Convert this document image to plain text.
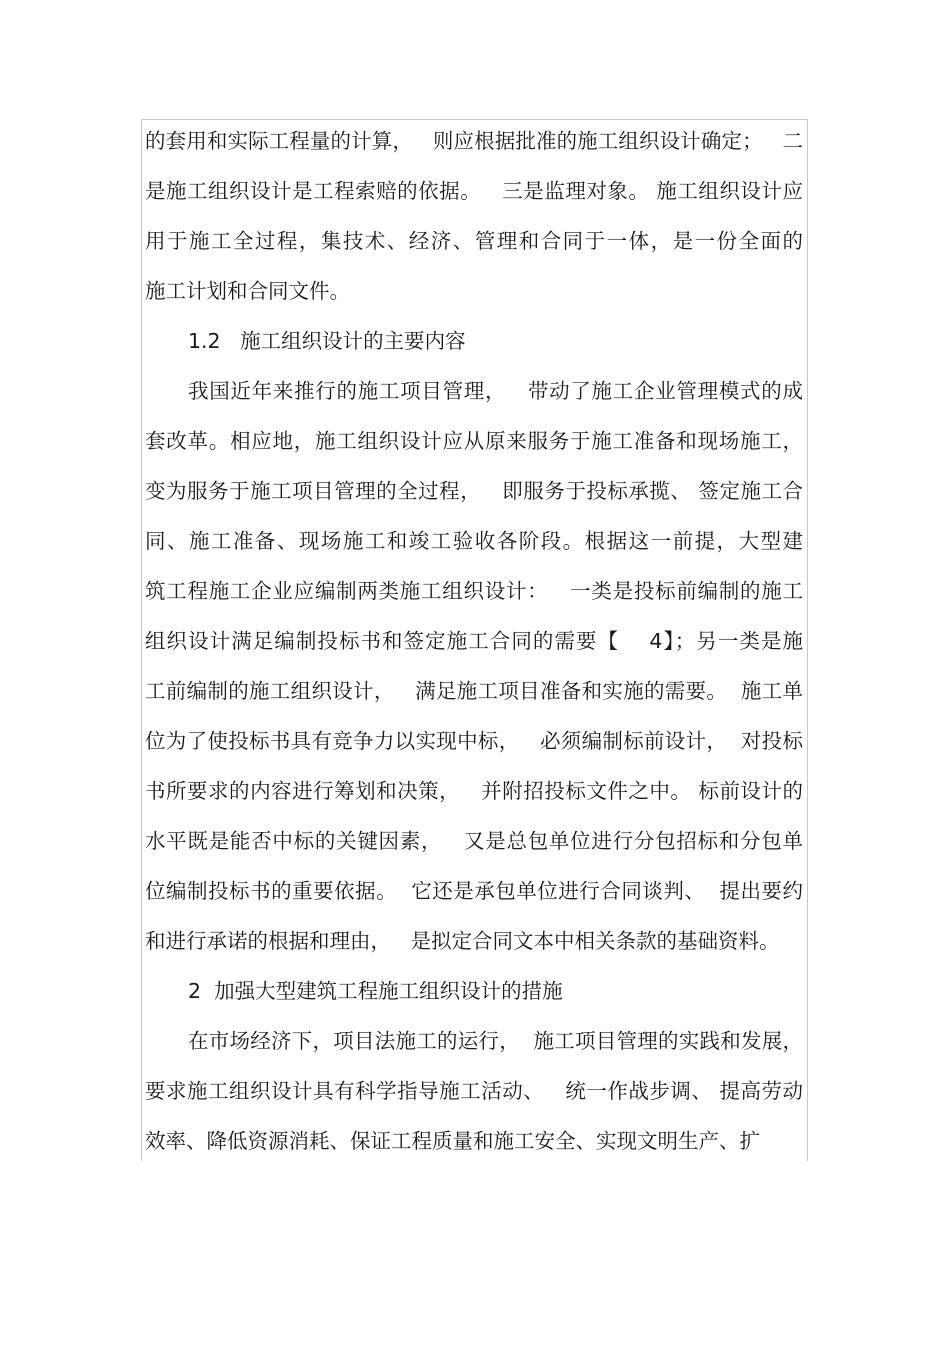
的套用和实际工程量的计算，   则应根据批准的施工组织设计确定；   二
是施工组织设计是工程索赔的依据。   三是监理对象。 施工组织设计应
用于施工全过程，集技术、经济、管理和合同于一体，是一份全面的
施工计划和合同文件。
1.2   施工组织设计的主要内容
我国近年来推行的施工项目管理，   带动了施工企业管理模式的成
套改革。相应地，施工组织设计应从原来服务于施工准备和现场施工，
变为服务于施工项目管理的全过程，   即服务于投标承揽、 签定施工合
同、施工准备、现场施工和竣工验收各阶段。根据这一前提，大型建
筑工程施工企业应编制两类施工组织设计：   一类是投标前编制的施工
组织设计满足编制投标书和签定施工合同的需要【    4】；另一类是施
工前编制的施工组织设计，   满足施工项目准备和实施的需要。  施工单
位为了使投标书具有竞争力以实现中标，   必须编制标前设计，  对投标
书所要求的内容进行筹划和决策，   并附招投标文件之中。 标前设计的
水平既是能否中标的关键因素，   又是总包单位进行分包招标和分包单
位编制投标书的重要依据。  它还是承包单位进行合同谈判、  提出要约
和进行承诺的根据和理由，   是拟定合同文本中相关条款的基础资料。
2  加强大型建筑工程施工组织设计的措施
在市场经济下，项目法施工的运行，  施工项目管理的实践和发展，
要求施工组织设计具有科学指导施工活动、   统一作战步调、 提高劳动
效率、降低资源消耗、保证工程质量和施工安全、实现文明生产、扩
